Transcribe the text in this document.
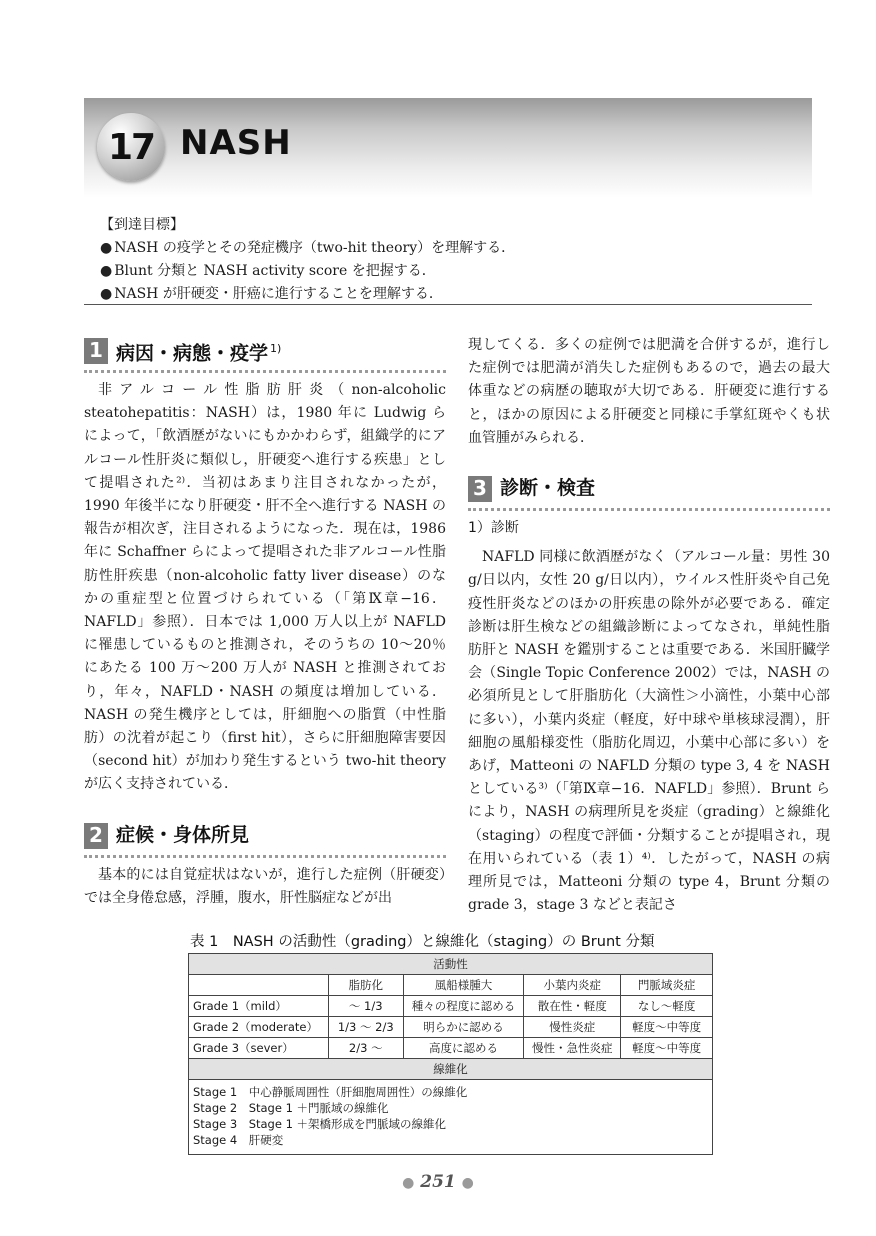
17 NASH
【到達目標】
● NASH の疫学とその発症機序（two-hit theory）を理解する．
● Blunt 分類と NASH activity score を把握する．
● NASH が肝硬変・肝癌に進行することを理解する．
1 病因・病態・疫学 $^{1)}$

非アルコール性脂肪肝炎（non-alcoholic steatohepatitis：NASH）は，1980 年に Ludwig らによって，「飲酒歴がないにもかかわらず，組織学的にアルコール性肝炎に類似し，肝硬変へ進行する疾患」として提唱された²⁾．当初はあまり注目されなかったが，1990 年後半になり肝硬変・肝不全へ進行する NASH の報告が相次ぎ，注目されるようになった．現在は，1986 年に Schaffner らによって提唱された非アルコール性脂肪性肝疾患（non-alcoholic fatty liver disease）のなかの重症型と位置づけられている（「第Ⅸ章−16．NAFLD」参照）．日本では 1,000 万人以上が NAFLD に罹患しているものと推測され，そのうちの 10〜20％にあたる 100 万〜200 万人が NASH と推測されており，年々，NAFLD・NASH の頻度は増加している．NASH の発生機序としては，肝細胞への脂質（中性脂肪）の沈着が起こり（first hit），さらに肝細胞障害要因（second hit）が加わり発生するという two-hit theory が広く支持されている．

2 症候・身体所見

基本的には自覚症状はないが，進行した症例（肝硬変）では全身倦怠感，浮腫，腹水，肝性脳症などが出

現してくる．多くの症例では肥満を合併するが，進行した症例では肥満が消失した症例もあるので，過去の最大体重などの病歴の聴取が大切である．肝硬変に進行すると，ほかの原因による肝硬変と同様に手掌紅斑やくも状血管腫がみられる．

3 診断・検査
1）診断

NAFLD 同様に飲酒歴がなく（アルコール量：男性 30 g/日以内，女性 20 g/日以内），ウイルス性肝炎や自己免疫性肝炎などのほかの肝疾患の除外が必要である．確定診断は肝生検などの組織診断によってなされ，単純性脂肪肝と NASH を鑑別することは重要である．米国肝臓学会（Single Topic Conference 2002）では，NASH の必須所見として肝脂肪化（大滴性＞小滴性，小葉中心部に多い），小葉内炎症（軽度，好中球や単核球浸潤），肝細胞の風船様変性（脂肪化周辺，小葉中心部に多い）をあげ，Matteoni の NAFLD 分類の type 3, 4 を NASH としている³⁾（「第Ⅸ章−16．NAFLD」参照）．Brunt らにより，NASH の病理所見を炎症（grading）と線維化（staging）の程度で評価・分類することが提唱され，現在用いられている（表 1）⁴⁾．したがって，NASH の病理所見では，Matteoni 分類の type 4，Brunt 分類の grade 3，stage 3 などと表記さ

表 1　NASH の活動性（grading）と線維化（staging）の Brunt 分類
活動性				
	脂肪化	風船様腫大	小葉内炎症	門脈域炎症
Grade 1（mild）	〜 1/3	種々の程度に認める	散在性・軽度	なし〜軽度
Grade 2（moderate）	1/3 〜 2/3	明らかに認める	慢性炎症	軽度〜中等度
Grade 3（sever）	2/3 〜	高度に認める	慢性・急性炎症	軽度〜中等度
線維化				

Stage 1　中心静脈周囲性（肝細胞周囲性）の線維化
Stage 2　Stage 1 ＋門脈域の線維化
Stage 3　Stage 1 ＋架橋形成を門脈域の線維化
Stage 4　肝硬変				
● 251 ●
